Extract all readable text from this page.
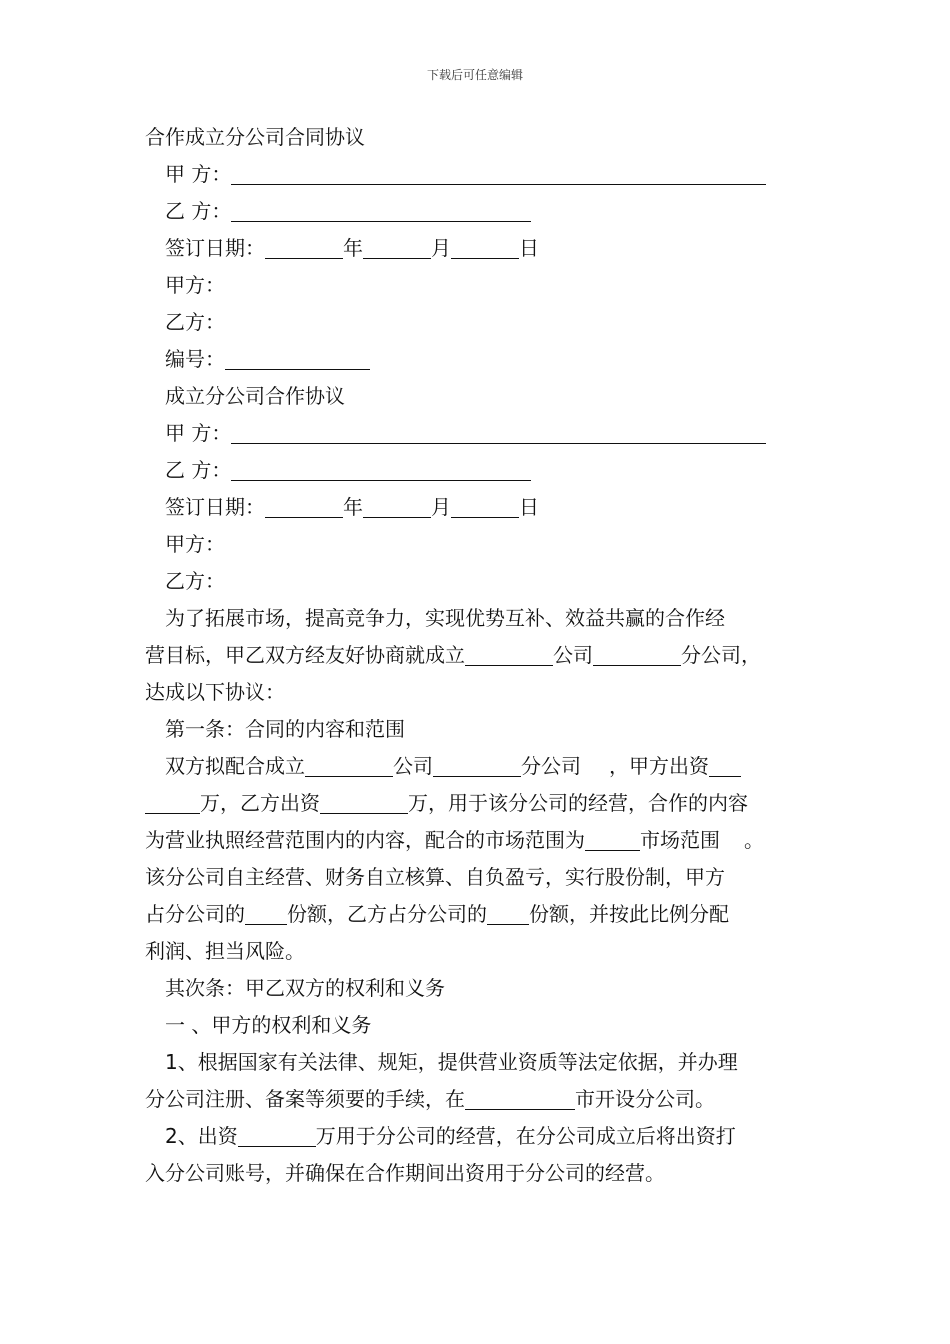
下载后可任意编辑
合作成立分公司合同协议
甲 方：
乙 方：
签订日期：	年	月	日
甲方：
乙方：
编号：
成立分公司合作协议
甲 方：
乙 方：
签订日期：	年	月	日
甲方：
乙方：
为了拓展市场，提高竞争力，实现优势互补、效益共赢的合作经
营目标，甲乙双方经友好协商就成立	公司	分公司，
达成以下协议：
第一条：合同的内容和范围
双方拟配合成立	公司	分公司 ，甲方出资
万，乙方出资	万，用于该分公司的经营，合作的内容
为营业执照经营范围内的内容，配合的市场范围为	市场范围 。
该分公司自主经营、财务自立核算、自负盈亏，实行股份制，甲方
占分公司的 份额，乙方占分公司的 份额，并按此比例分配
利润、担当风险。
其次条：甲乙双方的权利和义务
一 、甲方的权利和义务
1、根据国家有关法律、规矩，提供营业资质等法定依据，并办理
分公司注册、备案等须要的手续，在	市开设分公司。
2、出资	万用于分公司的经营，在分公司成立后将出资打
入分公司账号，并确保在合作期间出资用于分公司的经营。
